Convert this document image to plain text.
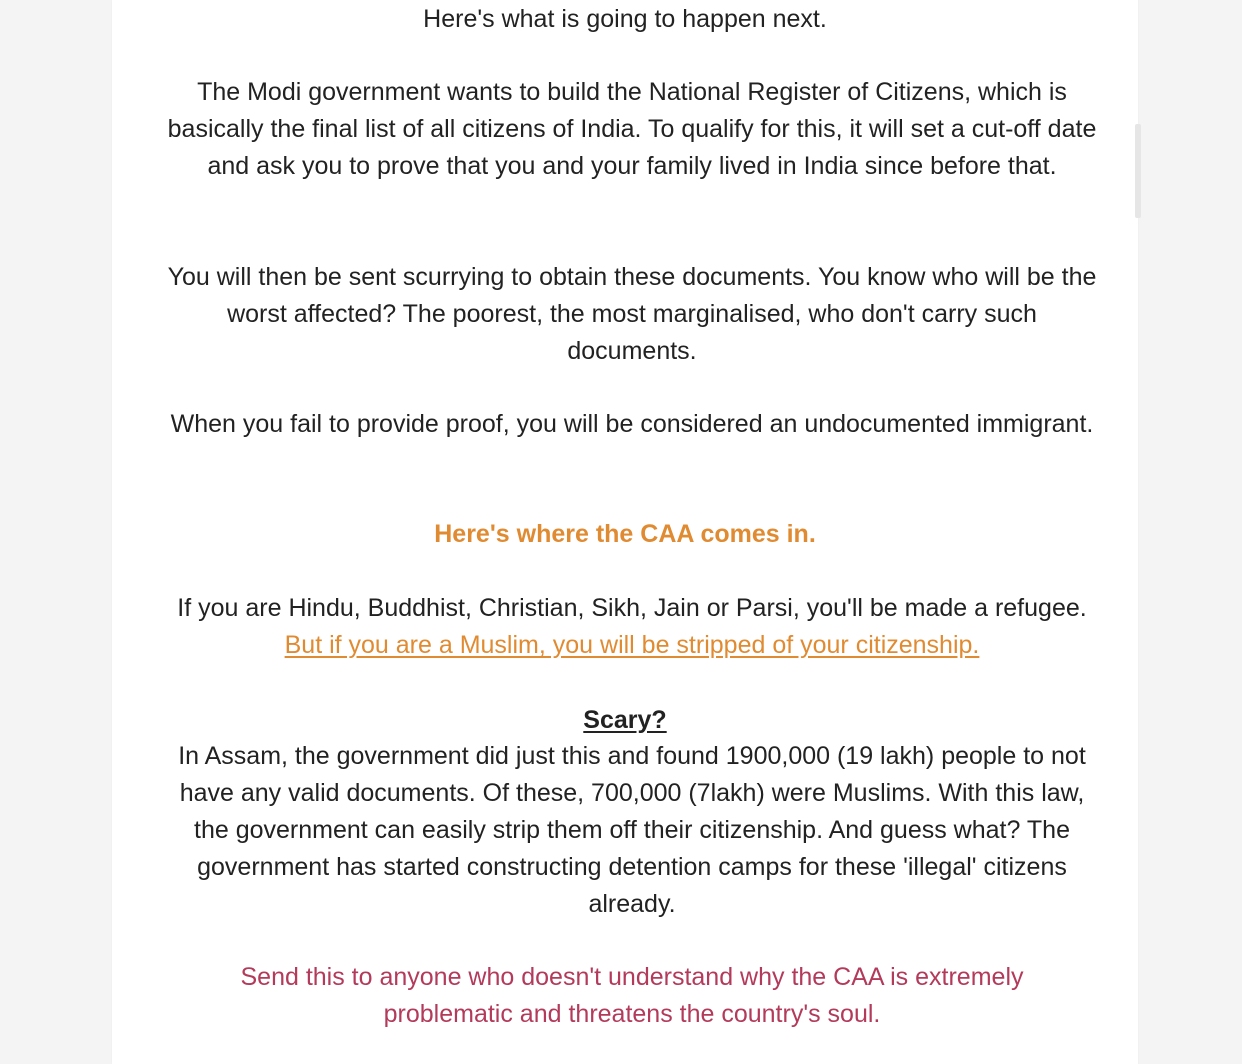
Here's what is going to happen next.

The Modi government wants to build the National Register of Citizens, which is basically the final list of all citizens of India. To qualify for this, it will set a cut-off date and ask you to prove that you and your family lived in India since before that.

You will then be sent scurrying to obtain these documents. You know who will be the worst affected? The poorest, the most marginalised, who don't carry such documents.

When you fail to provide proof, you will be considered an undocumented immigrant.

Here's where the CAA comes in.

If you are Hindu, Buddhist, Christian, Sikh, Jain or Parsi, you'll be made a refugee. But if you are a Muslim, you will be stripped of your citizenship.

Scary?

In Assam, the government did just this and found 1900,000 (19 lakh) people to not have any valid documents. Of these, 700,000 (7lakh) were Muslims. With this law, the government can easily strip them off their citizenship. And guess what? The government has started constructing detention camps for these 'illegal' citizens already.

Send this to anyone who doesn't understand why the CAA is extremely problematic and threatens the country's soul.
